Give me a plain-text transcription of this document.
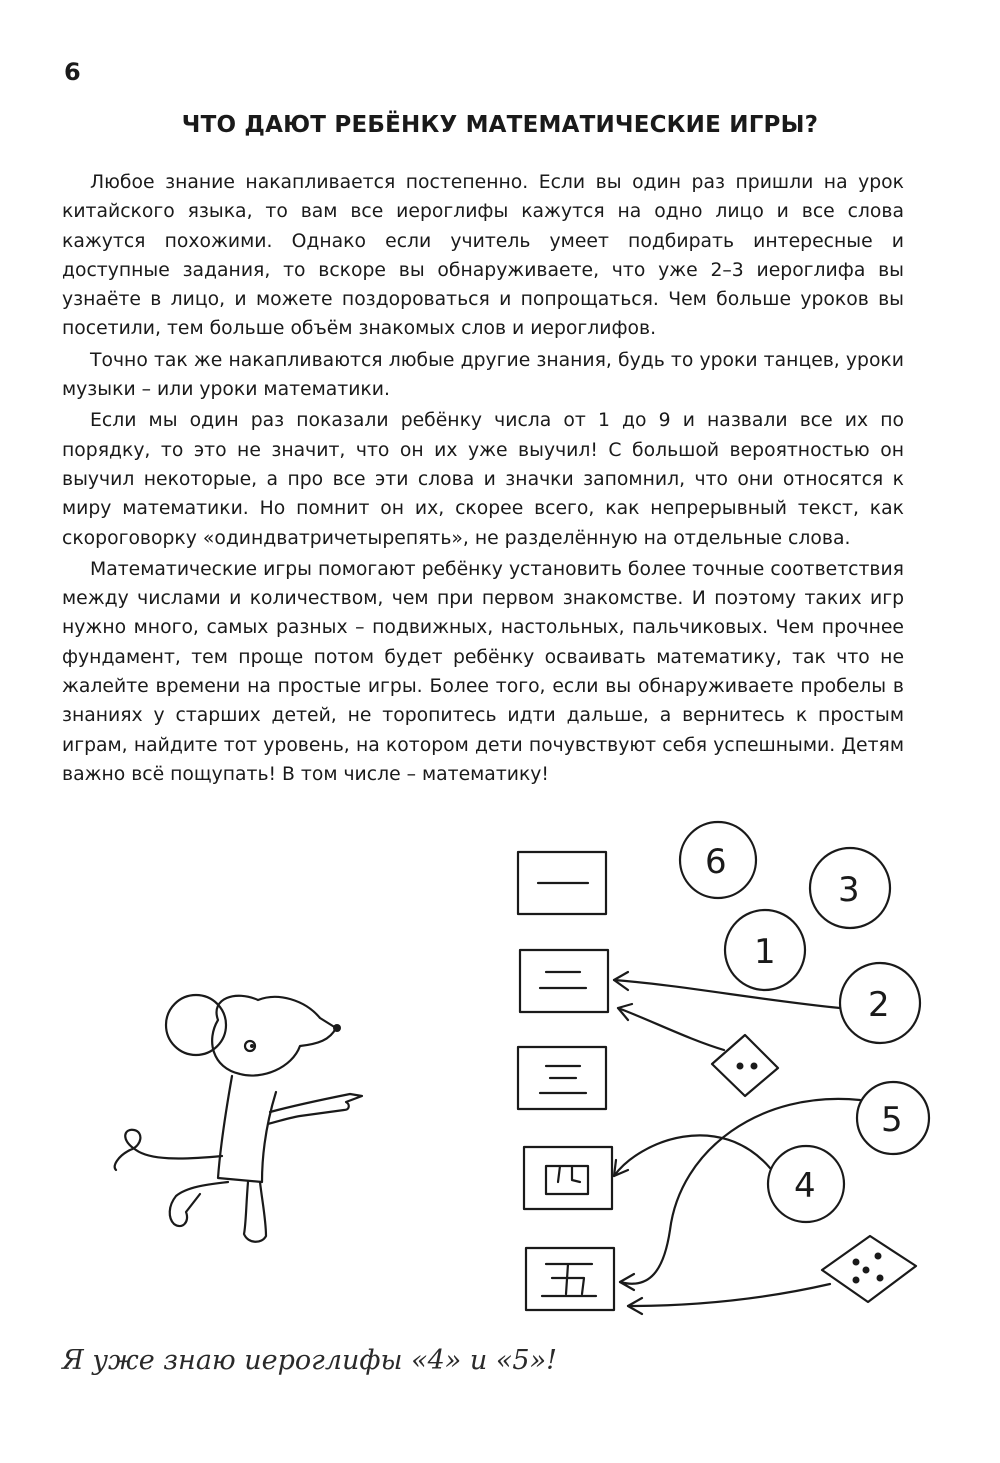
6
ЧТО ДАЮТ РЕБЁНКУ МАТЕМАТИЧЕСКИЕ ИГРЫ?

Любое знание накапливается постепенно. Если вы один раз пришли на урок китайского языка, то вам все иероглифы кажутся на одно лицо и все слова кажутся похожими. Однако если учитель умеет подбирать интересные и доступные задания, то вскоре вы обнаруживаете, что уже 2–3 иероглифа вы узнаёте в лицо, и можете поздороваться и попрощаться. Чем больше уроков вы посетили, тем больше объём знакомых слов и иероглифов.

Точно так же накапливаются любые другие знания, будь то уроки танцев, уроки музыки – или уроки математики.

Если мы один раз показали ребёнку числа от 1 до 9 и назвали все их по порядку, то это не значит, что он их уже выучил! С большой вероятностью он выучил некоторые, а про все эти слова и значки запомнил, что они относятся к миру математики. Но помнит он их, скорее всего, как непрерывный текст, как скороговорку «одиндватричетырепять», не разделённую на отдельные слова.

Математические игры помогают ребёнку установить более точные соответствия между числами и количеством, чем при первом знакомстве. И поэтому таких игр нужно много, самых разных – подвижных, настольных, пальчиковых. Чем прочнее фундамент, тем проще потом будет ребёнку осваивать математику, так что не жалейте времени на простые игры. Более того, если вы обнаруживаете пробелы в знаниях у старших детей, не торопитесь идти дальше, а вернитесь к простым играм, найдите тот уровень, на котором дети почувствуют себя успешными. Детям важно всё пощупать! В том числе – математику!

6
3
1
2
5
4
Я уже знаю иероглифы «4» и «5»!
